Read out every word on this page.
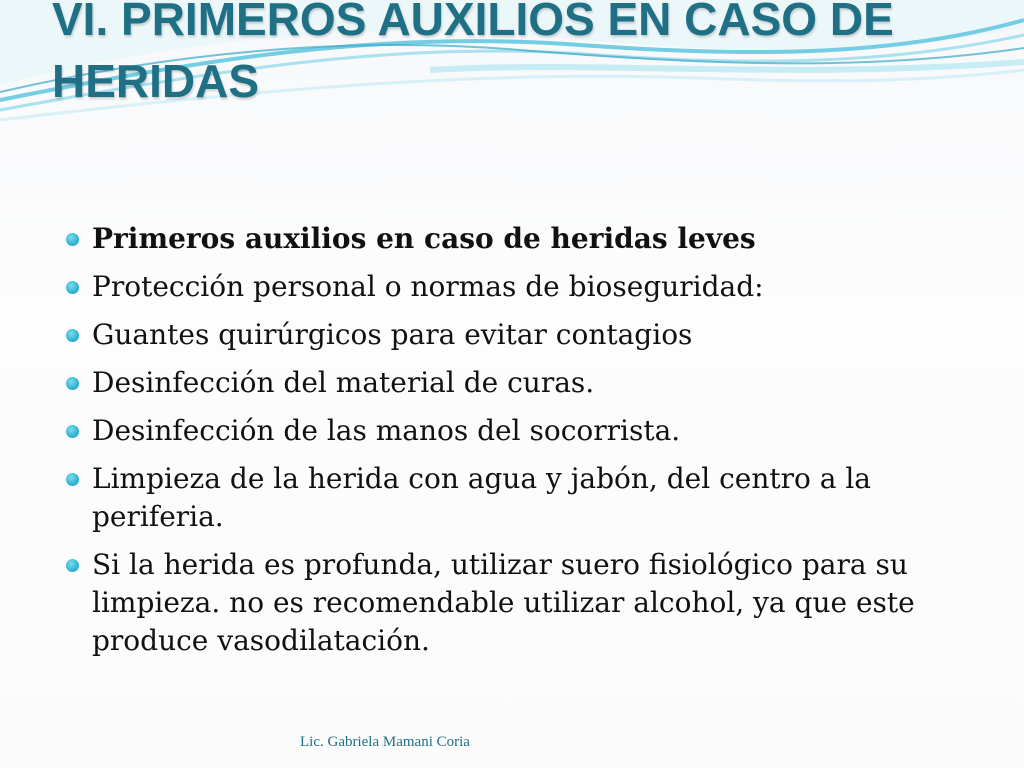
VI. PRIMEROS AUXILIOS EN CASO DE HERIDAS
Primeros auxilios en caso de heridas leves
Protección personal o normas de bioseguridad:
Guantes quirúrgicos para evitar contagios
Desinfección del material de curas.
Desinfección de las manos del socorrista.
Limpieza de la herida con agua y jabón, del centro a la periferia.
Si la herida es profunda, utilizar suero fisiológico para su limpieza. no es recomendable utilizar alcohol, ya que este produce vasodilatación.
Lic. Gabriela Mamani Coria
